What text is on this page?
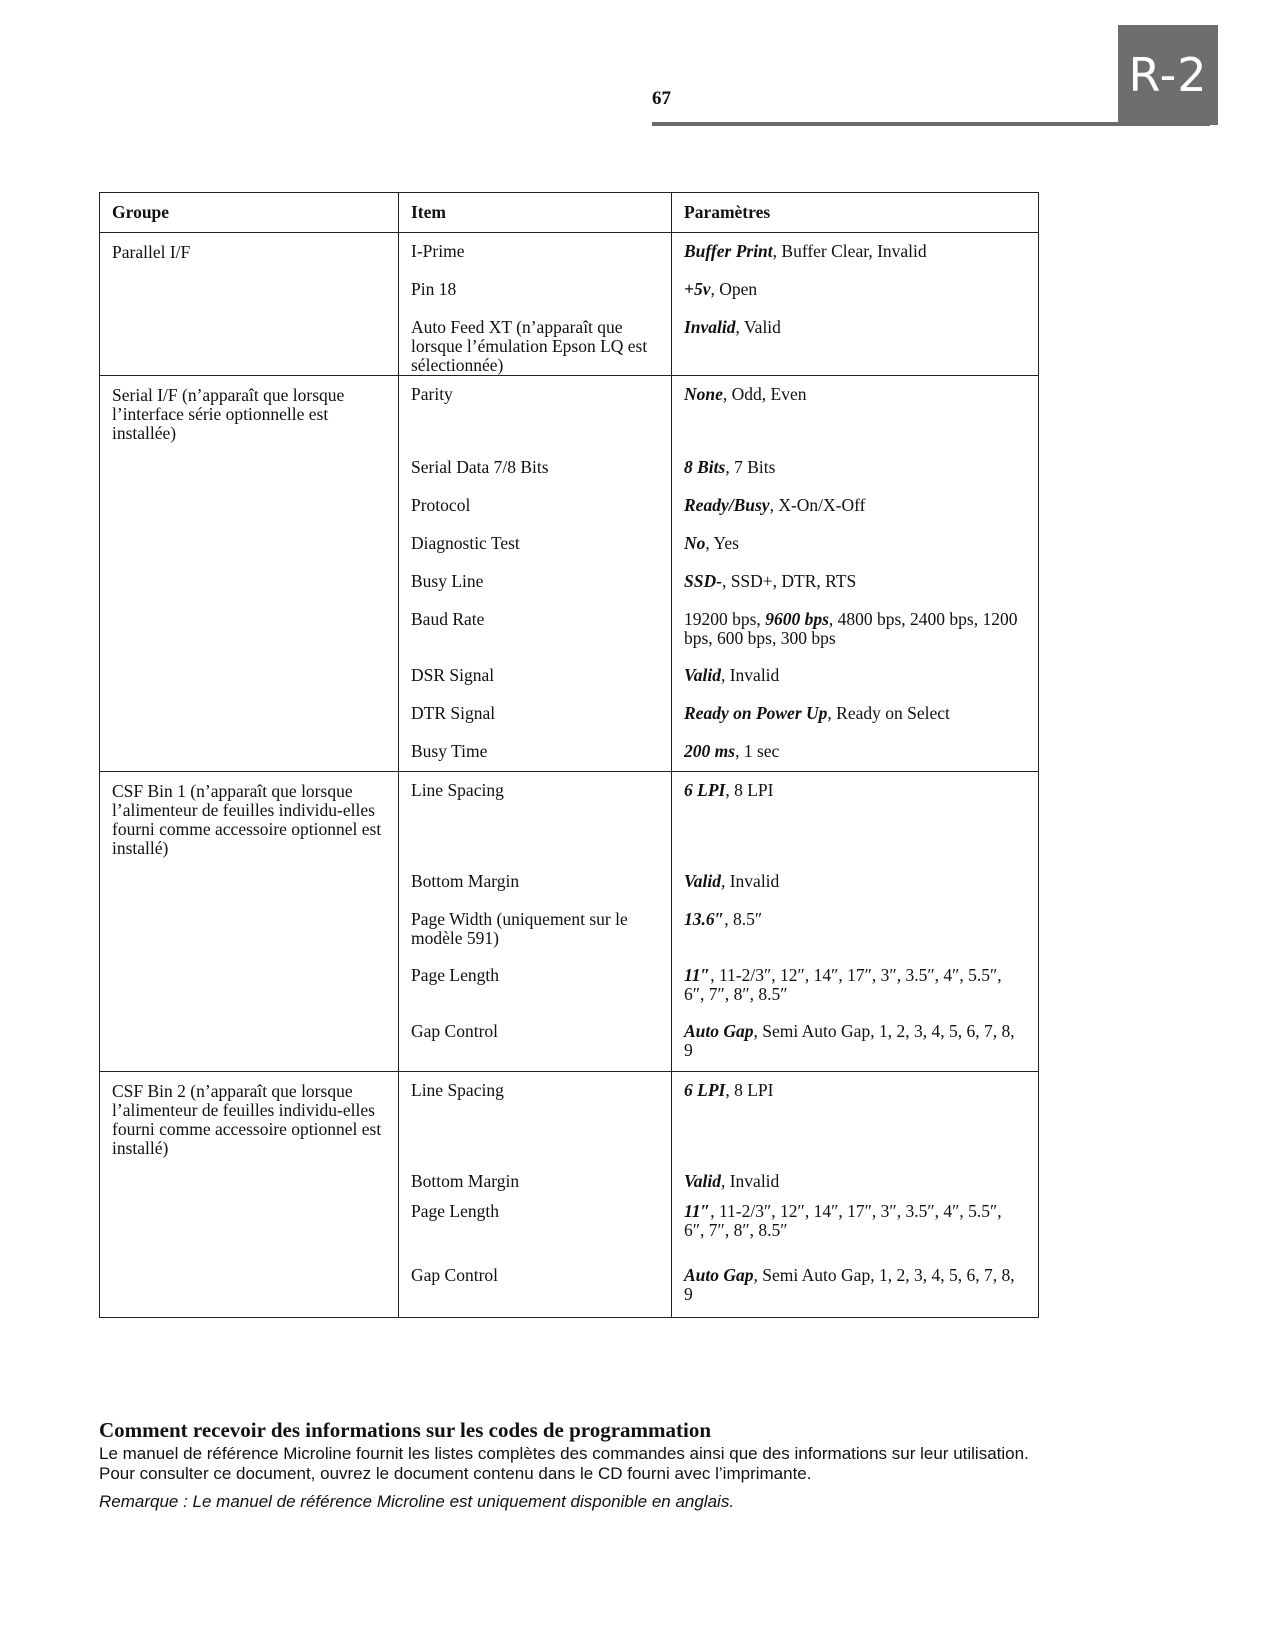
67	R-2
Groupe	Item	Paramètres
Parallel I/F	I-Prime	Buffer Print, Buffer Clear, Invalid

	Pin 18	+5v, Open

	Auto Feed XT (n’apparaît que lorsque l’émulation Epson LQ est sélectionnée)	Invalid, Valid

Serial I/F (n’apparaît que lorsque l’interface série optionnelle est installée)	Parity	None, Odd, Even

	Serial Data 7/8 Bits	8 Bits, 7 Bits

	Protocol	Ready/Busy, X-On/X-Off

	Diagnostic Test	No, Yes

	Busy Line	SSD-, SSD+, DTR, RTS

	Baud Rate	19200 bps, 9600 bps, 4800 bps, 2400 bps, 1200 bps, 600 bps, 300 bps

	DSR Signal	Valid, Invalid

	DTR Signal	Ready on Power Up, Ready on Select

	Busy Time	200 ms, 1 sec

CSF Bin 1 (n’apparaît que lorsque l’alimenteur de feuilles individu-elles fourni comme accessoire optionnel est installé)	Line Spacing	6 LPI, 8 LPI

	Bottom Margin	Valid, Invalid

	Page Width (uniquement sur le modèle 591)	13.6″, 8.5″

	Page Length	11″, 11-2/3″, 12″, 14″, 17″, 3″, 3.5″, 4″, 5.5″, 6″, 7″, 8″, 8.5″

	Gap Control	Auto Gap, Semi Auto Gap, 1, 2, 3, 4, 5, 6, 7, 8, 9

CSF Bin 2 (n’apparaît que lorsque l’alimenteur de feuilles individu-elles fourni comme accessoire optionnel est installé)	Line Spacing	6 LPI, 8 LPI

	Bottom Margin	Valid, Invalid

	Page Length	11″, 11-2/3″, 12″, 14″, 17″, 3″, 3.5″, 4″, 5.5″, 6″, 7″, 8″, 8.5″

	Gap Control	Auto Gap, Semi Auto Gap, 1, 2, 3, 4, 5, 6, 7, 8, 9
Comment recevoir des informations sur les codes de programmation

Le manuel de référence Microline fournit les listes complètes des commandes ainsi que des informations sur leur utilisation. Pour consulter ce document, ouvrez le document contenu dans le CD fourni avec l’imprimante.

Remarque : Le manuel de référence Microline est uniquement disponible en anglais.
